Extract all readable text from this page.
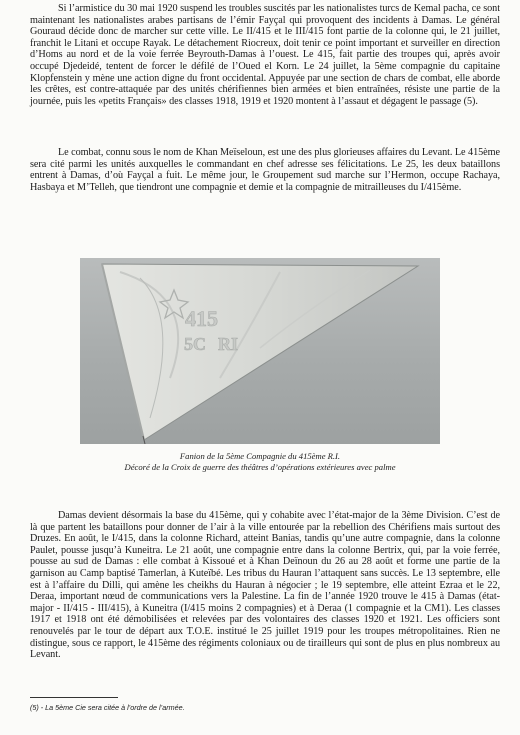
Si l’armistice du 30 mai 1920 suspend les troubles suscités par les nationalistes turcs de Kemal pacha, ce sont maintenant les nationalistes arabes partisans de l’émir Fayçal qui provoquent des incidents à Damas. Le général Gouraud décide donc de marcher sur cette ville. Le II/415 et le III/415 font partie de la colonne qui, le 21 juillet, franchit le Litani et occupe Rayak. Le détachement Riocreux, doit tenir ce point important et surveiller en direction d’Homs au nord et de la voie ferrée Beyrouth-Damas à l’ouest. Le 415, fait partie des troupes qui, après avoir occupé Djedeidé, tentent de forcer le défilé de l’Oued el Korn. Le 24 juillet, la 5ème compagnie du capitaine Klopfenstein y mène une action digne du front occidental. Appuyée par une section de chars de combat, elle aborde les crêtes, est contre-attaquée par des unités chérifiennes bien armées et bien entraînées, résiste une partie de la journée, puis les «petits Français» des classes 1918, 1919 et 1920 montent à l’assaut et dégagent le passage (5).

Le combat, connu sous le nom de Khan Meïseloun, est une des plus glorieuses affaires du Levant. Le 415ème sera cité parmi les unités auxquelles le commandant en chef adresse ses félicitations. Le 25, les deux bataillons entrent à Damas, d’où Fayçal a fuit. Le même jour, le Groupement sud marche sur l’Hermon, occupe Rachaya, Hasbaya et M’Telleh, que tiendront une compagnie et demie et la compagnie de mitrailleuses du I/415ème.

415
RI
5C

Fanion de la 5ème Compagnie du 415ème R.I.

Décoré de la Croix de guerre des théâtres d’opérations extérieures avec palme

Damas devient désormais la base du 415ème, qui y cohabite avec l’état-major de la 3ème Division. C’est de là que partent les bataillons pour donner de l’air à la ville entourée par la rebellion des Chérifiens mais surtout des Druzes. En août, le I/415, dans la colonne Richard, atteint Banias, tandis qu’une autre compagnie, dans la colonne Paulet, pousse jusqu’à Kuneitra. Le 21 août, une compagnie entre dans la colonne Bertrix, qui, par la voie ferrée, pousse au sud de Damas : elle combat à Kissoué et à Khan Deïnoun du 26 au 28 août et forme une partie de la garnison au Camp baptisé Tamerlan, à Kuteïbé. Les tribus du Hauran l’attaquent sans succès. Le 13 septembre, elle est à l’affaire du Dilli, qui amène les cheikhs du Hauran à négocier ; le 19 septembre, elle atteint Ezraa et le 22, Deraa, important nœud de communications vers la Palestine. La fin de l’année 1920 trouve le 415 à Damas (état-major - II/415 - III/415), à Kuneitra (I/415 moins 2 compagnies) et à Deraa (1 compagnie et la CM1). Les classes 1917 et 1918 ont été démobilisées et relevées par des volontaires des classes 1920 et 1921. Les officiers sont renouvelés par le tour de départ aux T.O.E. institué le 25 juillet 1919 pour les troupes métropolitaines. Rien ne distingue, sous ce rapport, le 415ème des régiments coloniaux ou de tirailleurs qui sont de plus en plus nombreux au Levant.

(5) - La 5ème Cie sera citée à l’ordre de l’armée.
